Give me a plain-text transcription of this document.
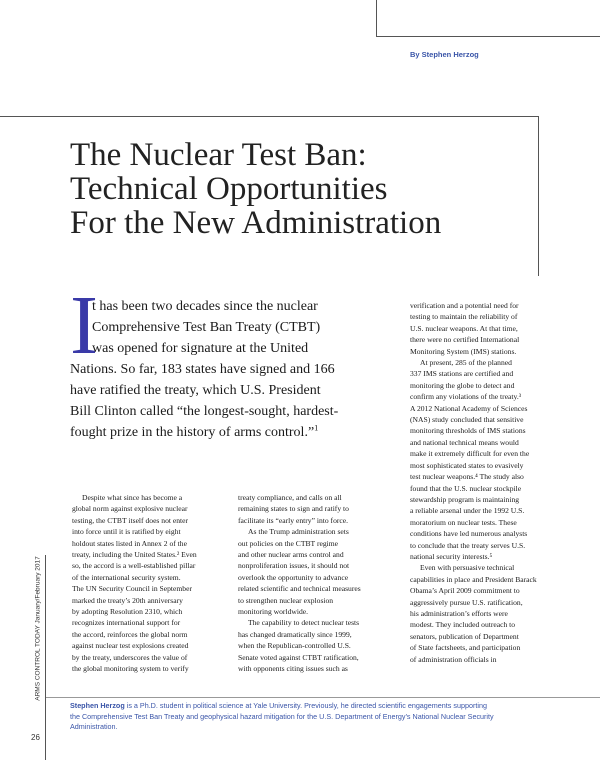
By Stephen Herzog
The Nuclear Test Ban:
Technical Opportunities
For the New Administration
I
t has been two decades since the nuclear
Comprehensive Test Ban Treaty (CTBT)
was opened for signature at the United
Nations. So far, 183 states have signed and 166
have ratified the treaty, which U.S. President
Bill Clinton called “the longest-sought, hardest-
fought prize in the history of arms control.”$^1$
Despite what since has become a
global norm against explosive nuclear
testing, the CTBT itself does not enter
into force until it is ratified by eight
holdout states listed in Annex 2 of the
treaty, including the United States.² Even
so, the accord is a well-established pillar
of the international security system.
The UN Security Council in September
marked the treaty’s 20th anniversary
by adopting Resolution 2310, which
recognizes international support for
the accord, reinforces the global norm
against nuclear test explosions created
by the treaty, underscores the value of
the global monitoring system to verify
treaty compliance, and calls on all
remaining states to sign and ratify to
facilitate its “early entry” into force.
As the Trump administration sets
out policies on the CTBT regime
and other nuclear arms control and
nonproliferation issues, it should not
overlook the opportunity to advance
related scientific and technical measures
to strengthen nuclear explosion
monitoring worldwide.
The capability to detect nuclear tests
has changed dramatically since 1999,
when the Republican-controlled U.S.
Senate voted against CTBT ratification,
with opponents citing issues such as
verification and a potential need for
testing to maintain the reliability of
U.S. nuclear weapons. At that time,
there were no certified International
Monitoring System (IMS) stations.
At present, 285 of the planned
337 IMS stations are certified and
monitoring the globe to detect and
confirm any violations of the treaty.³
A 2012 National Academy of Sciences
(NAS) study concluded that sensitive
monitoring thresholds of IMS stations
and national technical means would
make it extremely difficult for even the
most sophisticated states to evasively
test nuclear weapons.⁴ The study also
found that the U.S. nuclear stockpile
stewardship program is maintaining
a reliable arsenal under the 1992 U.S.
moratorium on nuclear tests. These
conditions have led numerous analysts
to conclude that the treaty serves U.S.
national security interests.⁵
Even with persuasive technical
capabilities in place and President Barack
Obama’s April 2009 commitment to
aggressively pursue U.S. ratification,
his administration’s efforts were
modest. They included outreach to
senators, publication of Department
of State factsheets, and participation
of administration officials in
ARMS CONTROL TODAY January/February 2017
Stephen Herzog is a Ph.D. student in political science at Yale University. Previously, he directed scientific engagements supporting
the Comprehensive Test Ban Treaty and geophysical hazard mitigation for the U.S. Department of Energy’s National Nuclear Security
Administration.
26
